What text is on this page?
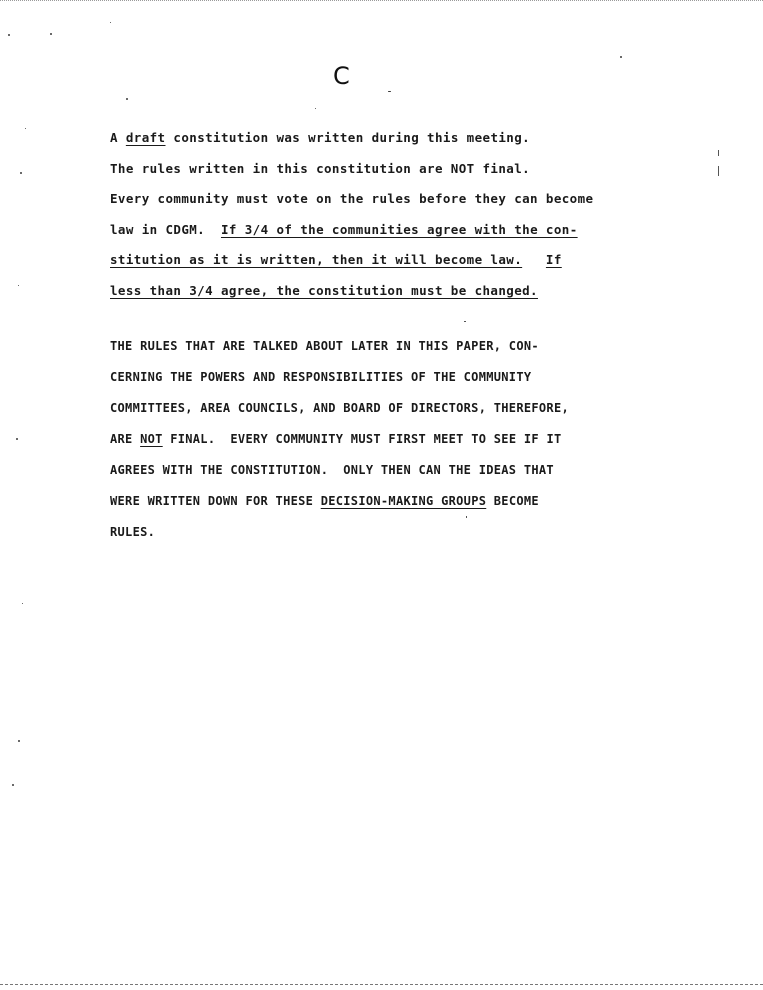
C
A draft constitution was written during this meeting.
The rules written in this constitution are NOT final.
Every community must vote on the rules before they can become
law in CDGM.  If 3/4 of the communities agree with the con-
stitution as it is written, then it will become law. If
less than 3/4 agree, the constitution must be changed.
THE RULES THAT ARE TALKED ABOUT LATER IN THIS PAPER, CON-
CERNING THE POWERS AND RESPONSIBILITIES OF THE COMMUNITY
COMMITTEES, AREA COUNCILS, AND BOARD OF DIRECTORS, THEREFORE,
ARE NOT FINAL.  EVERY COMMUNITY MUST FIRST MEET TO SEE IF IT
AGREES WITH THE CONSTITUTION.  ONLY THEN CAN THE IDEAS THAT
WERE WRITTEN DOWN FOR THESE DECISION-MAKING GROUPS BECOME
RULES.
